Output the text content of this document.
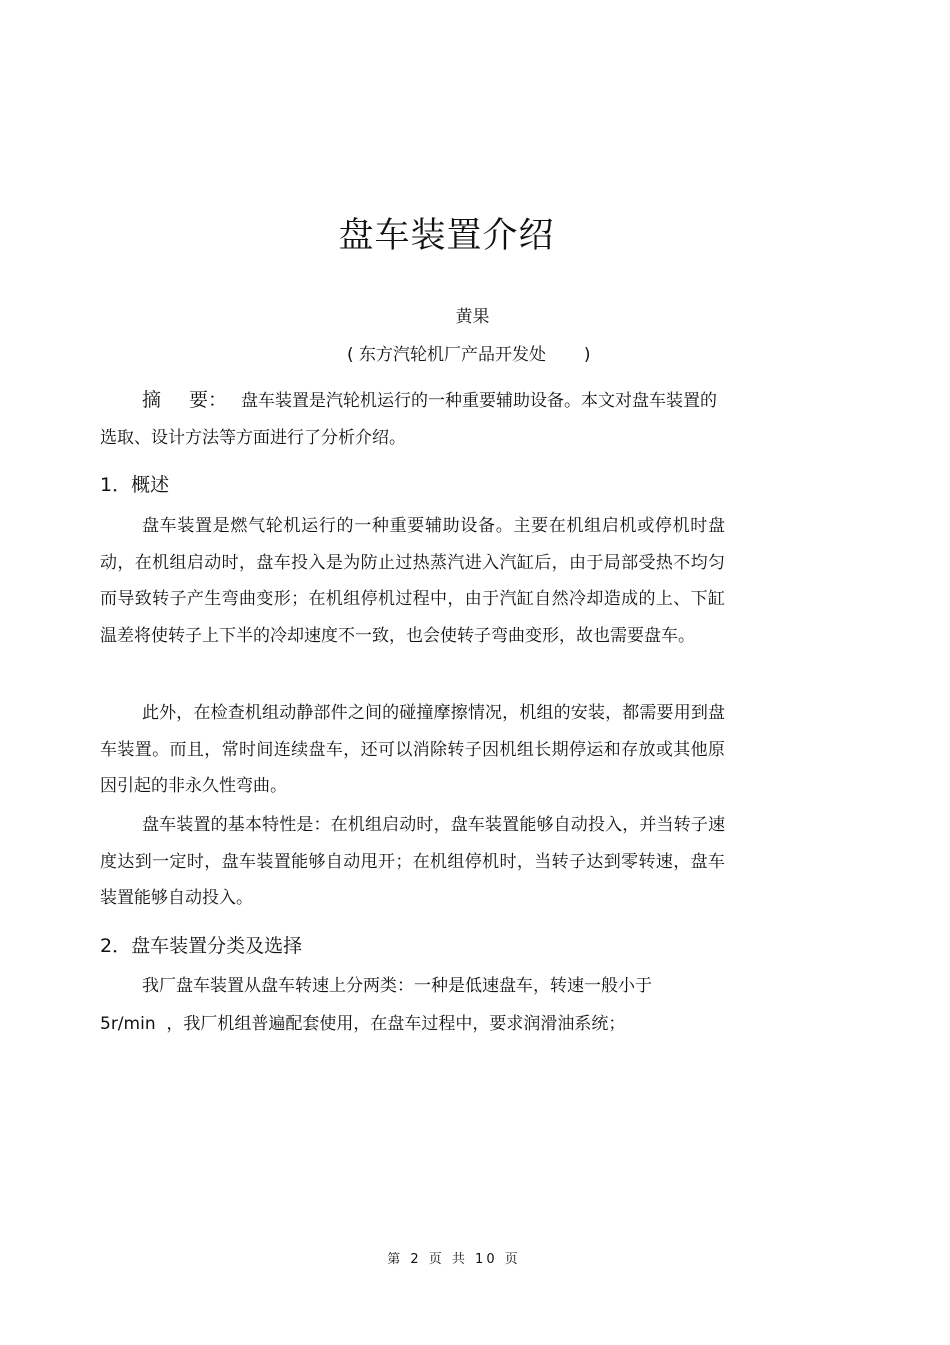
盘车装置介绍
黄果
( 东方汽轮机厂产品开发处       )
摘 要： 盘车装置是汽轮机运行的一种重要辅助设备。本文对盘车装置的选取、设计方法等方面进行了分析介绍。
1．概述
盘车装置是燃气轮机运行的一种重要辅助设备。主要在机组启机或停机时盘动，在机组启动时，盘车投入是为防止过热蒸汽进入汽缸后，由于局部受热不均匀而导致转子产生弯曲变形；在机组停机过程中，由于汽缸自然冷却造成的上、下缸温差将使转子上下半的冷却速度不一致，也会使转子弯曲变形，故也需要盘车。
此外，在检查机组动静部件之间的碰撞摩擦情况，机组的安装，都需要用到盘车装置。而且，常时间连续盘车，还可以消除转子因机组长期停运和存放或其他原因引起的非永久性弯曲。
盘车装置的基本特性是：在机组启动时，盘车装置能够自动投入，并当转子速度达到一定时，盘车装置能够自动甩开；在机组停机时，当转子达到零转速，盘车装置能够自动投入。
2．盘车装置分类及选择
我厂盘车装置从盘车转速上分两类：一种是低速盘车，转速一般小于
5r/min  ，我厂机组普遍配套使用，在盘车过程中，要求润滑油系统；
第 2 页 共 10 页
